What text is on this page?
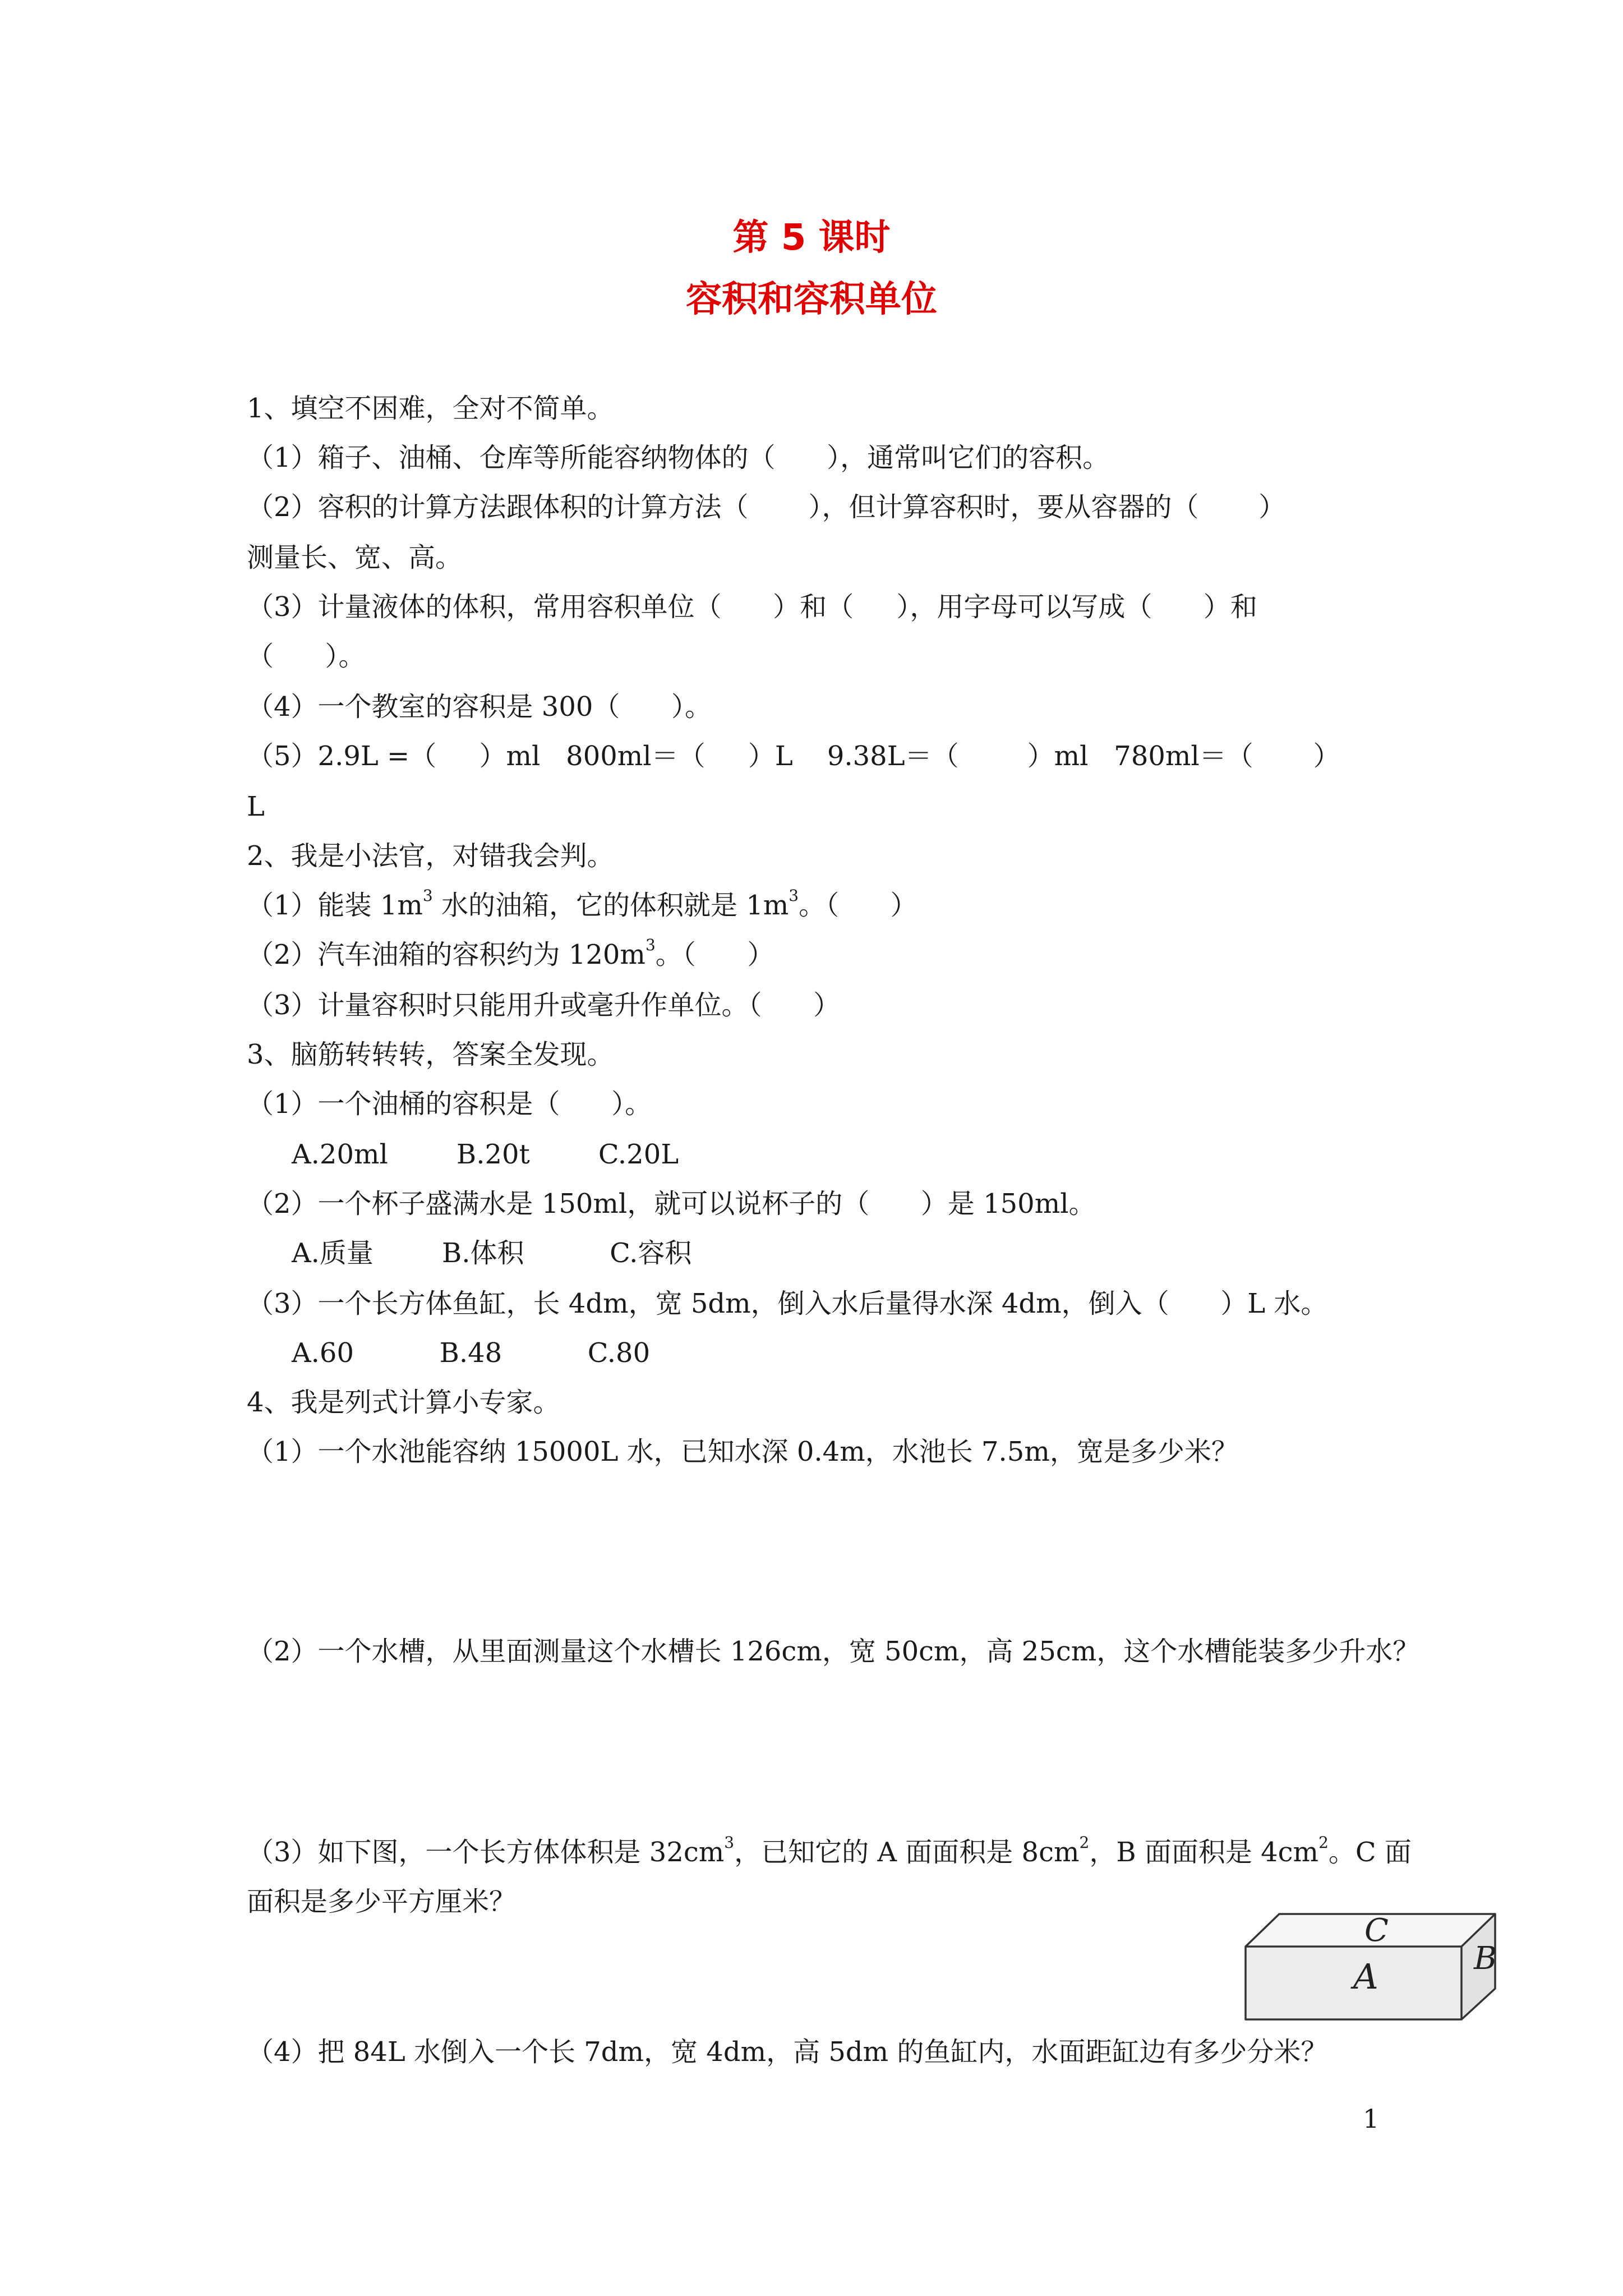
第 5 课时
容积和容积单位
1、填空不困难，全对不简单。
（1）箱子、油桶、仓库等所能容纳物体的（      ），通常叫它们的容积。
（2）容积的计算方法跟体积的计算方法（       ），但计算容积时，要从容器的（       ）
测量长、宽、高。
（3）计量液体的体积，常用容积单位（      ）和（     ），用字母可以写成（      ）和
（      ）。
（4）一个教室的容积是 300（      ）。
（5）2.9L =（     ）ml   800ml＝（     ）L    9.38L＝（        ）ml   780ml＝（       ）
L
2、我是小法官，对错我会判。
（1）能装 $1m^3$ 水的油箱，它的体积就是 $1m^3$。（      ）
（2）汽车油箱的容积约为 $120m^3$。（      ）
（3）计量容积时只能用升或毫升作单位。（      ）
3、脑筋转转转，答案全发现。
（1）一个油桶的容积是（      ）。
A.20ml        B.20t        C.20L
（2）一个杯子盛满水是 150ml，就可以说杯子的（      ）是 150ml。
A.质量        B.体积          C.容积
（3）一个长方体鱼缸，长 4dm，宽 5dm，倒入水后量得水深 4dm，倒入（      ）L 水。
A.60          B.48          C.80
4、我是列式计算小专家。
（1）一个水池能容纳 15000L 水，已知水深 0.4m，水池长 7.5m，宽是多少米？
（2）一个水槽，从里面测量这个水槽长 126cm，宽 50cm，高 25cm，这个水槽能装多少升水？
（3）如下图，一个长方体体积是 $32cm^3$，已知它的 A 面面积是 $8cm^2$，B 面面积是 $4cm^2$。C 面
面积是多少平方厘米？
A	B
C
（4）把 84L 水倒入一个长 7dm，宽 4dm，高 5dm 的鱼缸内，水面距缸边有多少分米？
1
